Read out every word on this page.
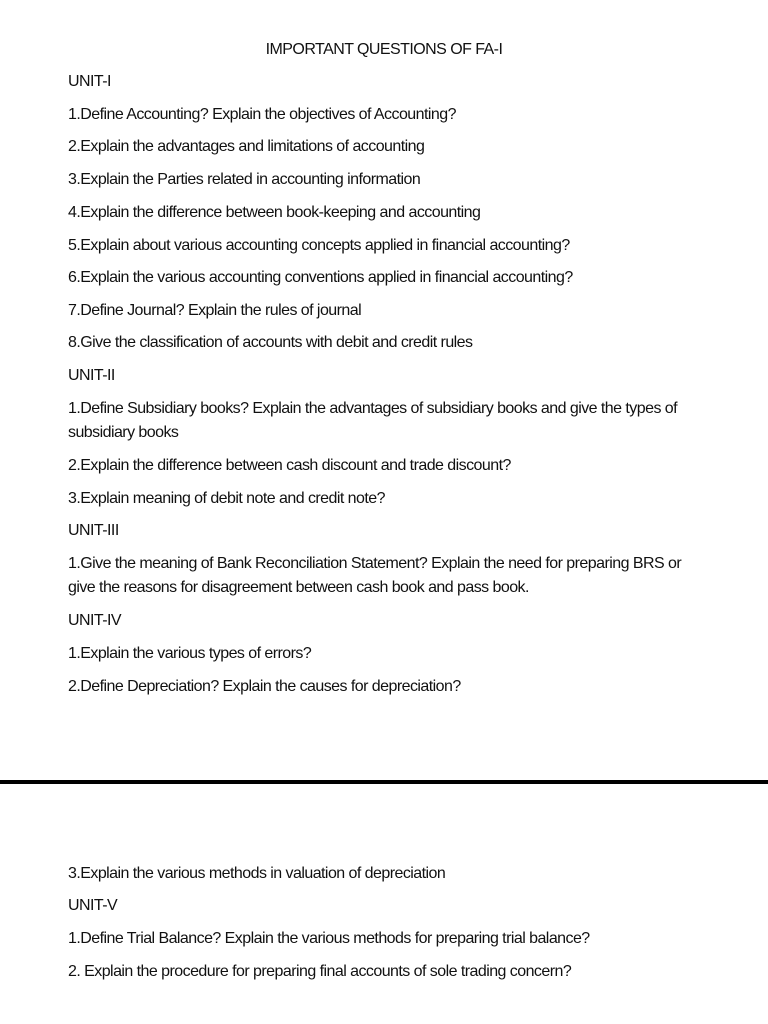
IMPORTANT QUESTIONS OF FA-I
UNIT-I
1.Define Accounting? Explain the objectives of Accounting?
2.Explain the advantages and limitations of accounting
3.Explain the Parties related in accounting information
4.Explain the difference between book-keeping and accounting
5.Explain about various accounting concepts applied in financial accounting?
6.Explain the various accounting conventions applied in financial accounting?
7.Define Journal? Explain the rules of journal
8.Give the classification of accounts with debit and credit rules
UNIT-II
1.Define Subsidiary books? Explain the advantages of subsidiary books and give the types of subsidiary books
2.Explain the difference between cash discount and trade discount?
3.Explain meaning of debit note and credit note?
UNIT-III
1.Give the meaning of Bank Reconciliation Statement? Explain the need for preparing BRS or give the reasons for disagreement between cash book and pass book.
UNIT-IV
1.Explain the various types of errors?
2.Define Depreciation? Explain the causes for depreciation?
3.Explain the various methods in valuation of depreciation
UNIT-V
1.Define Trial Balance? Explain the various methods for preparing trial balance?
2. Explain the procedure for preparing final accounts of sole trading concern?
